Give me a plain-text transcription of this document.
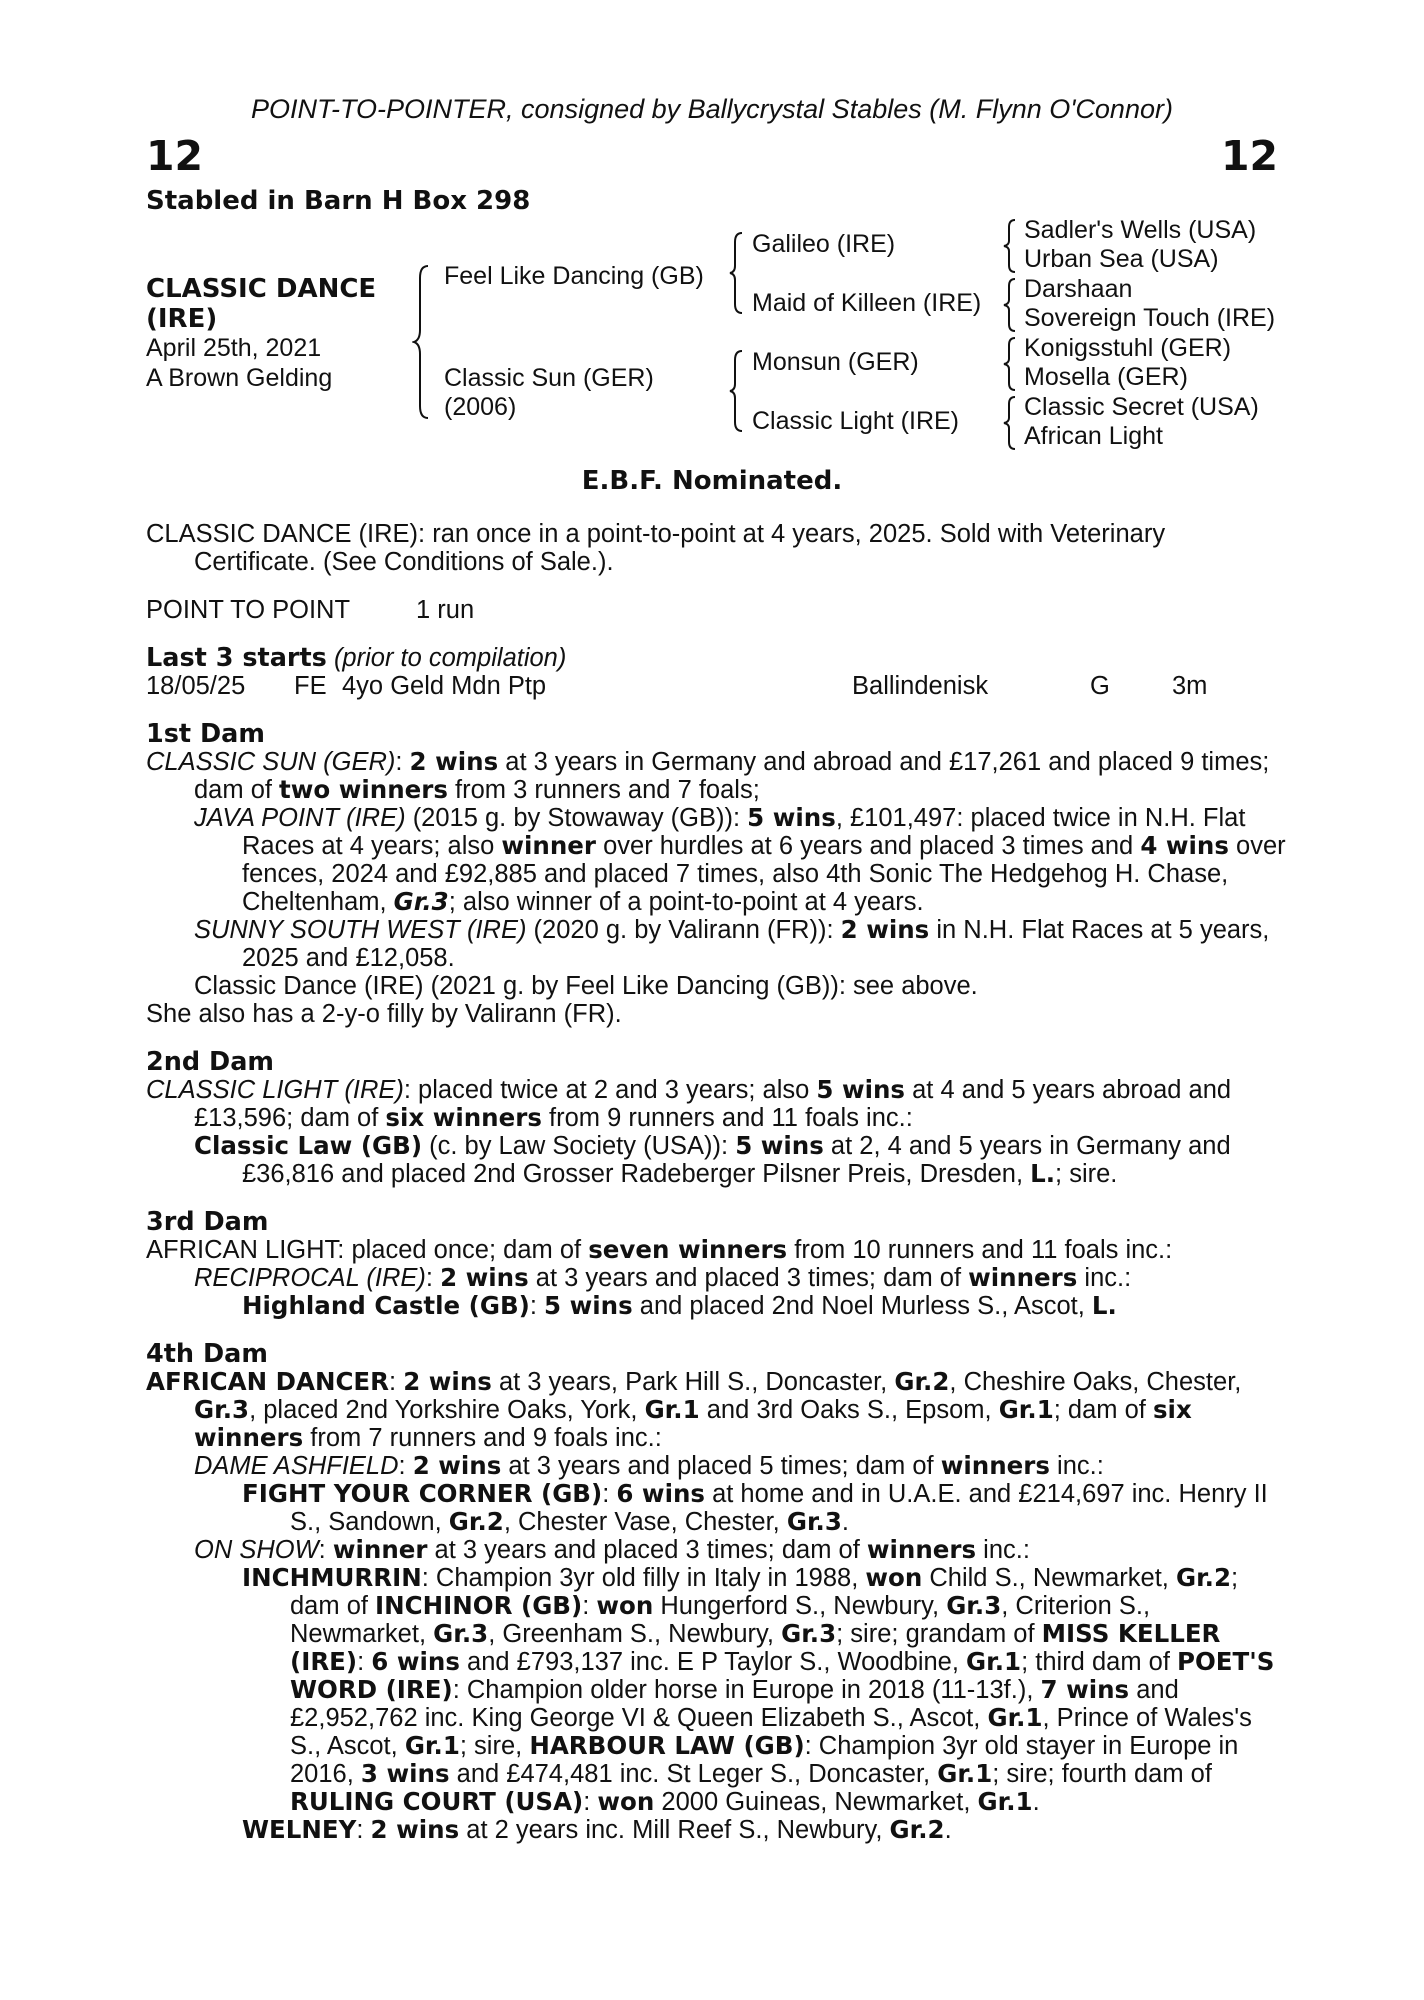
POINT-TO-POINTER, consigned by Ballycrystal Stables (M. Flynn O'Connor)
12	12
Stabled in Barn H Box 298
CLASSIC DANCE
(IRE)
April 25th, 2021
A Brown Gelding
Feel Like Dancing (GB)
Classic Sun (GER)
(2006)
Galileo (IRE)
Maid of Killeen (IRE)
Monsun (GER)
Classic Light (IRE)
Sadler's Wells (USA)
Urban Sea (USA)
Darshaan
Sovereign Touch (IRE)
Konigsstuhl (GER)
Mosella (GER)
Classic Secret (USA)
African Light
E.B.F. Nominated.

CLASSIC DANCE (IRE): ran once in a point-to-point at 4 years, 2025. Sold with Veterinary Certificate. (See Conditions of Sale.).

POINT TO POINT	1 run

Last 3 starts (prior to compilation)

18/05/25 FE 4yo Geld Mdn Ptp	Ballindenisk	G 3m

1st Dam

CLASSIC SUN (GER): 2 wins at 3 years in Germany and abroad and £17,261 and placed 9 times; dam of two winners from 3 runners and 7 foals;

JAVA POINT (IRE) (2015 g. by Stowaway (GB)): 5 wins, £101,497: placed twice in N.H. Flat Races at 4 years; also winner over hurdles at 6 years and placed 3 times and 4 wins over fences, 2024 and £92,885 and placed 7 times, also 4th Sonic The Hedgehog H. Chase, Cheltenham, Gr.3; also winner of a point-to-point at 4 years.

SUNNY SOUTH WEST (IRE) (2020 g. by Valirann (FR)): 2 wins in N.H. Flat Races at 5 years, 2025 and £12,058.

Classic Dance (IRE) (2021 g. by Feel Like Dancing (GB)): see above.

She also has a 2-y-o filly by Valirann (FR).

2nd Dam

CLASSIC LIGHT (IRE): placed twice at 2 and 3 years; also 5 wins at 4 and 5 years abroad and £13,596; dam of six winners from 9 runners and 11 foals inc.:

Classic Law (GB) (c. by Law Society (USA)): 5 wins at 2, 4 and 5 years in Germany and £36,816 and placed 2nd Grosser Radeberger Pilsner Preis, Dresden, L.; sire.

3rd Dam

AFRICAN LIGHT: placed once; dam of seven winners from 10 runners and 11 foals inc.:

RECIPROCAL (IRE): 2 wins at 3 years and placed 3 times; dam of winners inc.:

Highland Castle (GB): 5 wins and placed 2nd Noel Murless S., Ascot, L.

4th Dam

AFRICAN DANCER: 2 wins at 3 years, Park Hill S., Doncaster, Gr.2, Cheshire Oaks, Chester, Gr.3, placed 2nd Yorkshire Oaks, York, Gr.1 and 3rd Oaks S., Epsom, Gr.1; dam of six winners from 7 runners and 9 foals inc.:

DAME ASHFIELD: 2 wins at 3 years and placed 5 times; dam of winners inc.:

FIGHT YOUR CORNER (GB): 6 wins at home and in U.A.E. and £214,697 inc. Henry II S., Sandown, Gr.2, Chester Vase, Chester, Gr.3.

ON SHOW: winner at 3 years and placed 3 times; dam of winners inc.:

INCHMURRIN: Champion 3yr old filly in Italy in 1988, won Child S., Newmarket, Gr.2; dam of INCHINOR (GB): won Hungerford S., Newbury, Gr.3, Criterion S., Newmarket, Gr.3, Greenham S., Newbury, Gr.3; sire; grandam of MISS KELLER (IRE): 6 wins and £793,137 inc. E P Taylor S., Woodbine, Gr.1; third dam of POET'S WORD (IRE): Champion older horse in Europe in 2018 (11-13f.), 7 wins and £2,952,762 inc. King George VI & Queen Elizabeth S., Ascot, Gr.1, Prince of Wales's S., Ascot, Gr.1; sire, HARBOUR LAW (GB): Champion 3yr old stayer in Europe in 2016, 3 wins and £474,481 inc. St Leger S., Doncaster, Gr.1; sire; fourth dam of RULING COURT (USA): won 2000 Guineas, Newmarket, Gr.1.

WELNEY: 2 wins at 2 years inc. Mill Reef S., Newbury, Gr.2.
